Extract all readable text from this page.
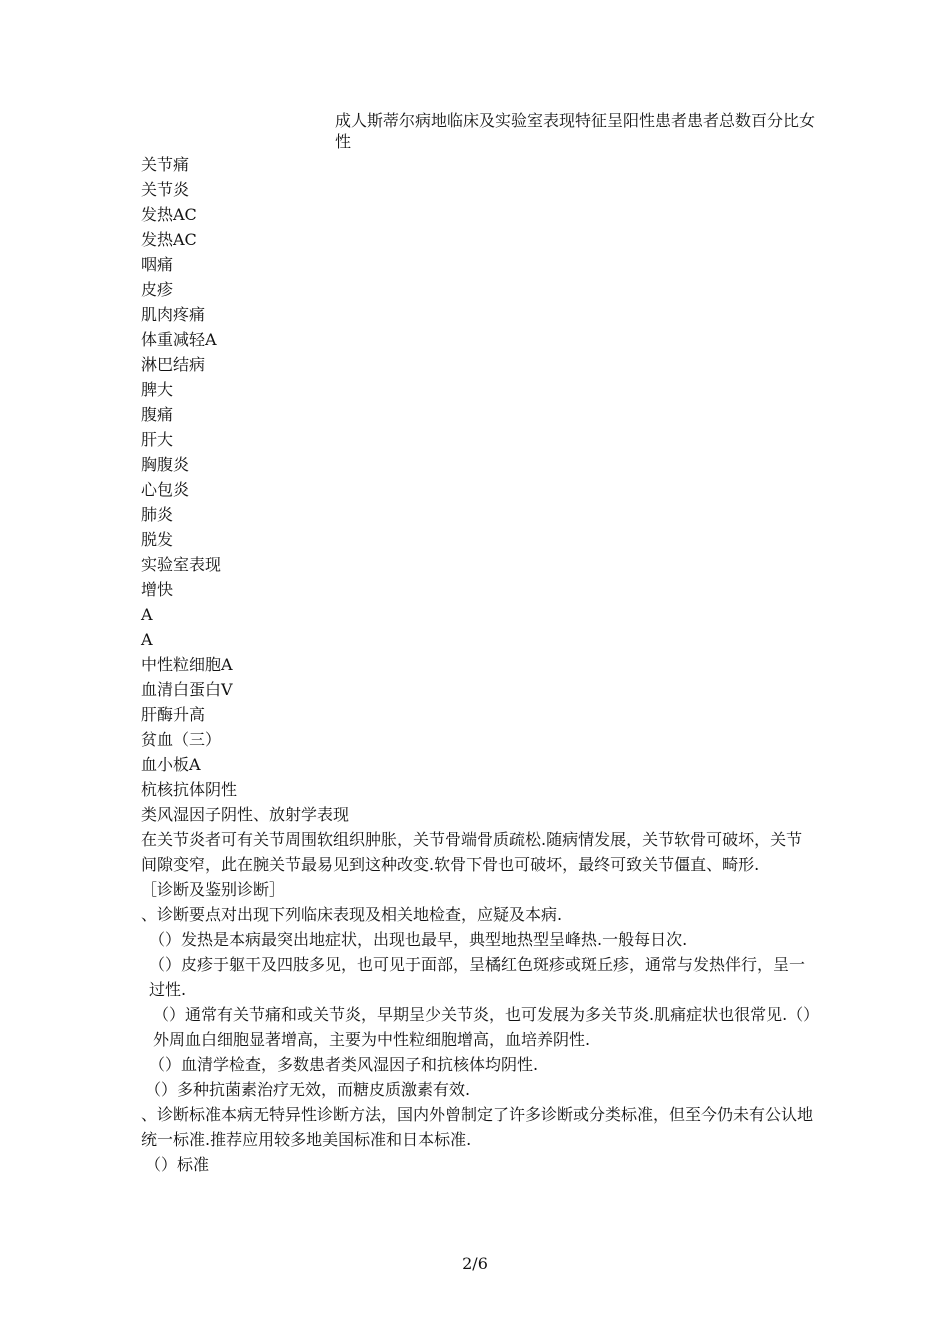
成人斯蒂尔病地临床及实验室表现特征呈阳性患者患者总数百分比女性
关节痛
关节炎
发热AC
发热AC
咽痛
皮疹
肌肉疼痛
体重减轻A
淋巴结病
脾大
腹痛
肝大
胸腹炎
心包炎
肺炎
脱发
实验室表现
增快
A
A
中性粒细胞A
血清白蛋白V
肝酶升高
贫血（三）
血小板A
杭核抗体阴性
类风湿因子阴性、放射学表现

在关节炎者可有关节周围软组织肿胀，关节骨端骨质疏松.随病情发展，关节软骨可破坏，关节间隙变窄，此在腕关节最易见到这种改变.软骨下骨也可破坏，最终可致关节僵直、畸形.

［诊断及鉴别诊断］

、诊断要点对出现下列临床表现及相关地检查，应疑及本病.

（）发热是本病最突出地症状，出现也最早，典型地热型呈峰热.一般每日次.

（）皮疹于躯干及四肢多见，也可见于面部，呈橘红色斑疹或斑丘疹，通常与发热伴行，呈一过性.

（）通常有关节痛和或关节炎，早期呈少关节炎，也可发展为多关节炎.肌痛症状也很常见.（）外周血白细胞显著增高，主要为中性粒细胞增高，血培养阴性.

（）血清学检查，多数患者类风湿因子和抗核体均阴性.

（）多种抗菌素治疗无效，而糖皮质激素有效.

、诊断标准本病无特异性诊断方法，国内外曾制定了许多诊断或分类标准，但至今仍未有公认地统一标准.推荐应用较多地美国标准和日本标准.

（）标准

2/6
